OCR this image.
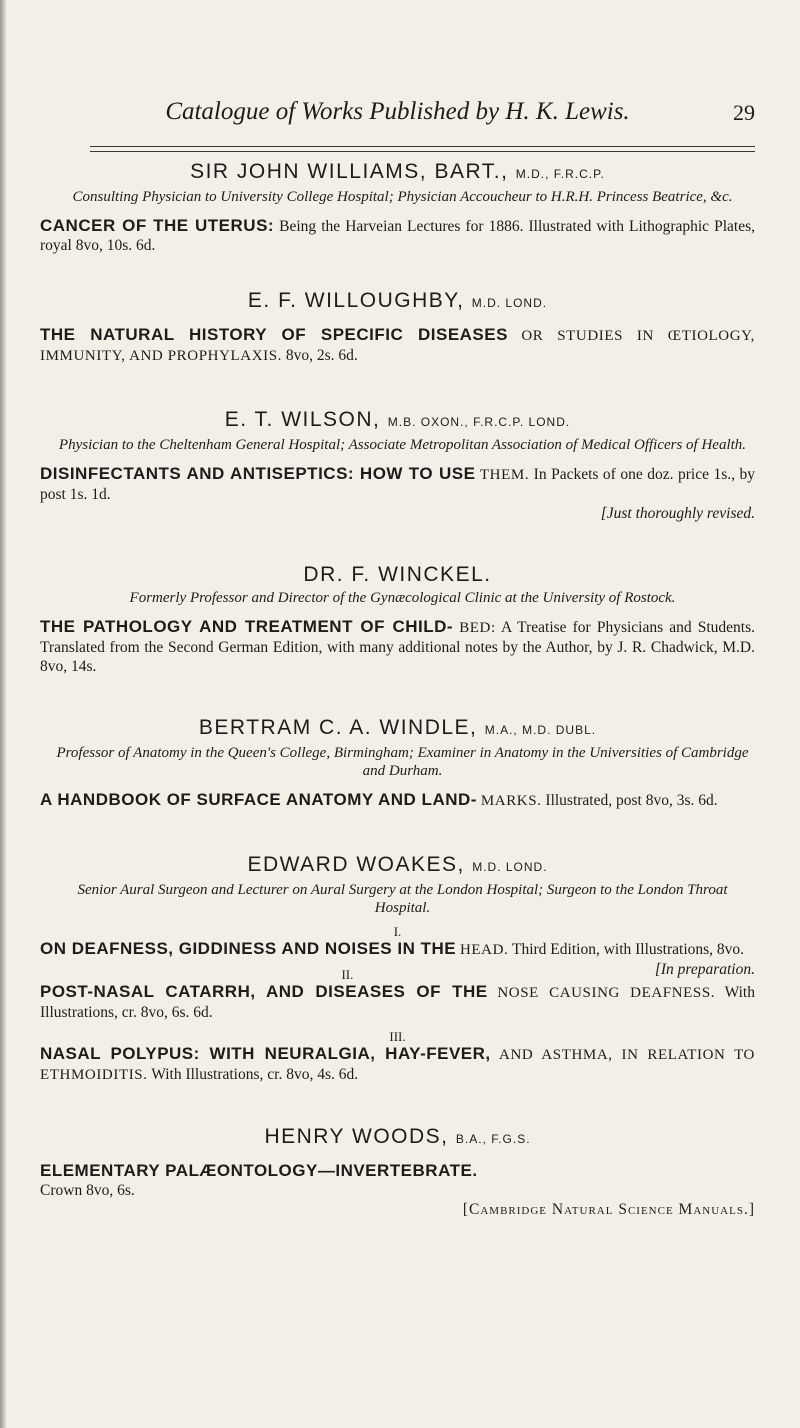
Catalogue of Works Published by H. K. Lewis.	29
SIR JOHN WILLIAMS, BART., M.D., F.R.C.P.
Consulting Physician to University College Hospital; Physician Accoucheur to H.R.H. Princess Beatrice, &c.
CANCER OF THE UTERUS: Being the Harveian Lectures for 1886. Illustrated with Lithographic Plates, royal 8vo, 10s. 6d.
E. F. WILLOUGHBY, M.D. LOND.
THE NATURAL HISTORY OF SPECIFIC DISEASES OR STUDIES IN ŒTIOLOGY, IMMUNITY, AND PROPHYLAXIS. 8vo, 2s. 6d.
E. T. WILSON, M.B. OXON., F.R.C.P. LOND.
Physician to the Cheltenham General Hospital; Associate Metropolitan Association of Medical Officers of Health.
DISINFECTANTS AND ANTISEPTICS: HOW TO USE THEM. In Packets of one doz. price 1s., by post 1s. 1d.
[Just thoroughly revised.
DR. F. WINCKEL.
Formerly Professor and Director of the Gynæcological Clinic at the University of Rostock.
THE PATHOLOGY AND TREATMENT OF CHILD- BED: A Treatise for Physicians and Students. Translated from the Second German Edition, with many additional notes by the Author, by J. R. Chadwick, M.D. 8vo, 14s.
BERTRAM C. A. WINDLE, M.A., M.D. DUBL.
Professor of Anatomy in the Queen's College, Birmingham; Examiner in Anatomy in the Universities of Cambridge and Durham.
A HANDBOOK OF SURFACE ANATOMY AND LAND- MARKS. Illustrated, post 8vo, 3s. 6d.
EDWARD WOAKES, M.D. LOND.
Senior Aural Surgeon and Lecturer on Aural Surgery at the London Hospital; Surgeon to the London Throat Hospital.
I.
ON DEAFNESS, GIDDINESS AND NOISES IN THE HEAD. Third Edition, with Illustrations, 8vo.
[In preparation.
II.
POST-NASAL CATARRH, AND DISEASES OF THE NOSE CAUSING DEAFNESS. With Illustrations, cr. 8vo, 6s. 6d.
III.
NASAL POLYPUS: WITH NEURALGIA, HAY-FEVER, AND ASTHMA, IN RELATION TO ETHMOIDITIS. With Illustrations, cr. 8vo, 4s. 6d.
HENRY WOODS, B.A., F.G.S.
ELEMENTARY PALÆONTOLOGY—INVERTEBRATE.
Crown 8vo, 6s.
[Cambridge Natural Science Manuals.]
